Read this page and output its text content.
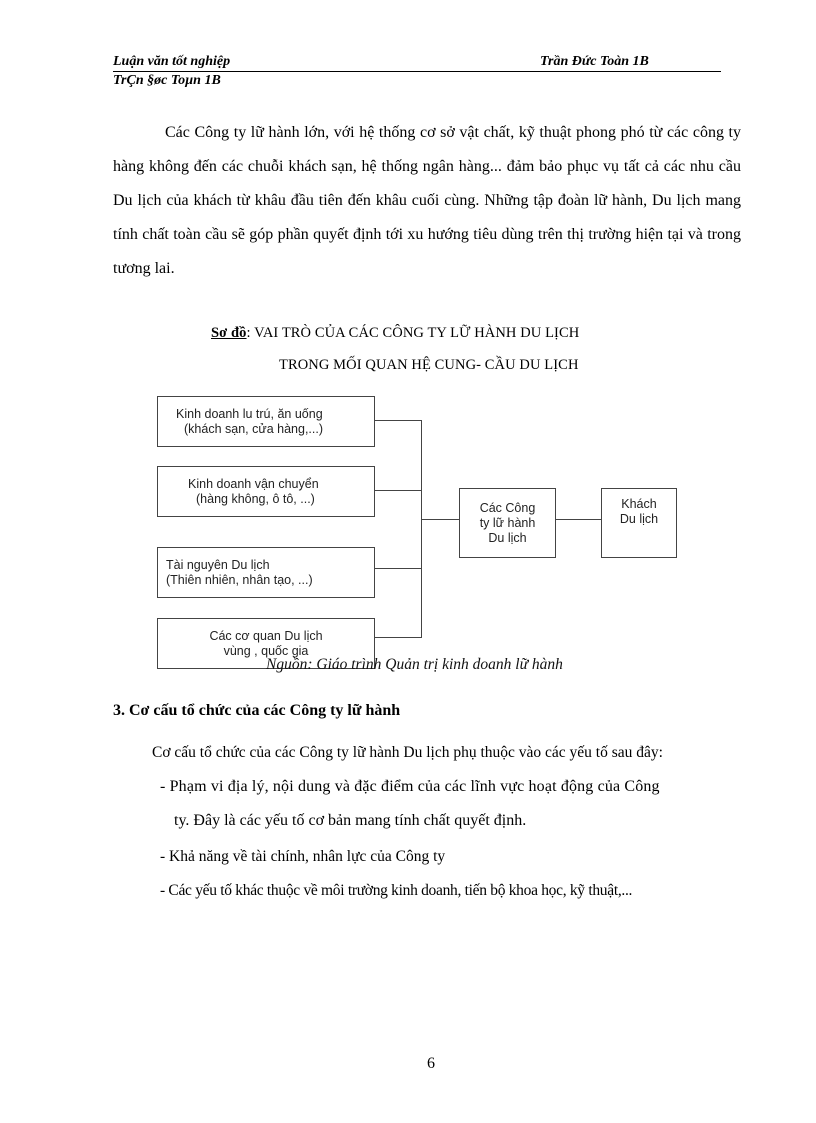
Luận văn tốt nghiệp	Trần Đức Toàn 1B
TrÇn §øc Toµn 1B

Các Công ty lữ hành lớn, với hệ thống cơ sở vật chất, kỹ thuật phong phó từ các công ty hàng không đến các chuỗi khách sạn, hệ thống ngân hàng... đảm bảo phục vụ tất cả các nhu cầu Du lịch của khách từ khâu đầu tiên đến khâu cuối cùng. Những tập đoàn lữ hành, Du lịch mang tính chất toàn cầu sẽ góp phần quyết định tới xu hướng tiêu dùng trên thị trường hiện tại và trong tương lai.

Sơ đồ: VAI TRÒ CỦA CÁC CÔNG TY LỮ HÀNH DU LỊCH
TRONG MỐI QUAN HỆ CUNG- CẦU DU LỊCH
Kinh doanh lu trú, ăn uống
(khách sạn, cửa hàng,...)
Kinh doanh vận chuyển
(hàng không, ô tô, ...)
Tài nguyên Du lịch
(Thiên nhiên, nhân tạo, ...)
Các cơ quan Du lịch
vùng , quốc gia
Các Công
ty lữ hành
Du lịch
Khách
Du lịch
Nguồn: Giáo trình Quản trị kinh doanh lữ hành
3. Cơ cấu tổ chức của các Công ty lữ hành
Cơ cấu tổ chức của các Công ty lữ hành Du lịch phụ thuộc vào các yếu tố sau đây:
- Phạm vi địa lý, nội dung và đặc điểm của các lĩnh vực hoạt động của Công
ty. Đây là các yếu tố cơ bản mang tính chất quyết định.
- Khả năng về tài chính, nhân lực của Công ty
- Các yếu tố khác thuộc về môi trường kinh doanh, tiến bộ khoa học, kỹ thuật,...
6
